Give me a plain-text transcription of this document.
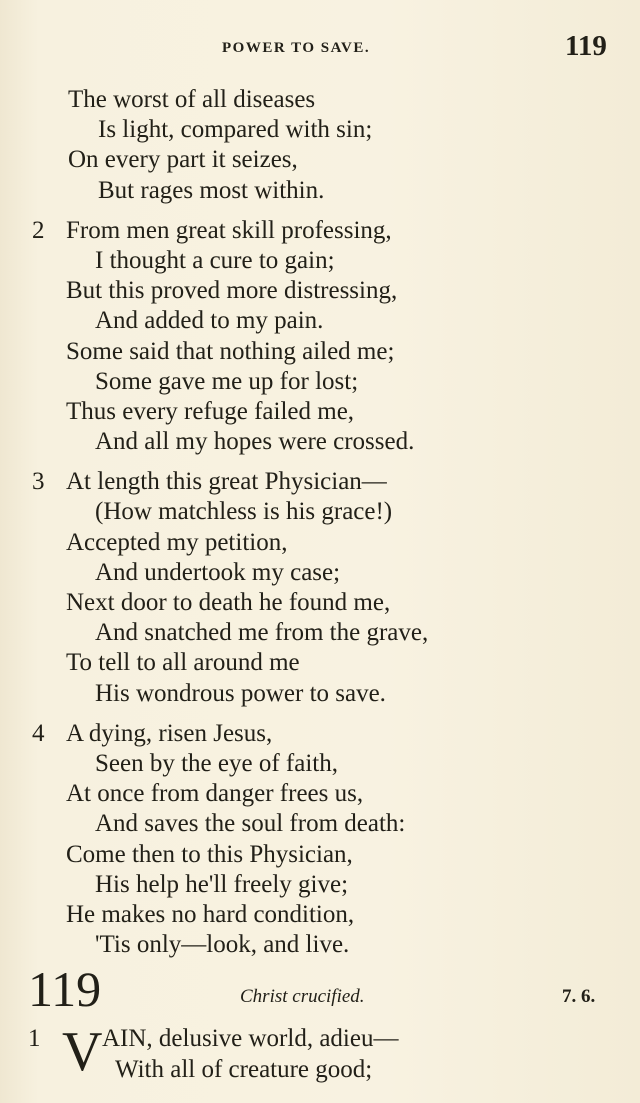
POWER TO SAVE.	119
The worst of all diseases
Is light, compared with sin;
On every part it seizes,
But rages most within.
2 From men great skill professing,
I thought a cure to gain;
But this proved more distressing,
And added to my pain.
Some said that nothing ailed me;
Some gave me up for lost;
Thus every refuge failed me,
And all my hopes were crossed.
3 At length this great Physician—
(How matchless is his grace!)
Accepted my petition,
And undertook my case;
Next door to death he found me,
And snatched me from the grave,
To tell to all around me
His wondrous power to save.
4 A dying, risen Jesus,
Seen by the eye of faith,
At once from danger frees us,
And saves the soul from death:
Come then to this Physician,
His help he'll freely give;
He makes no hard condition,
'Tis only—look, and live.
119	Christ crucified.	7. 6.
1 V AIN, delusive world, adieu—
With all of creature good;
